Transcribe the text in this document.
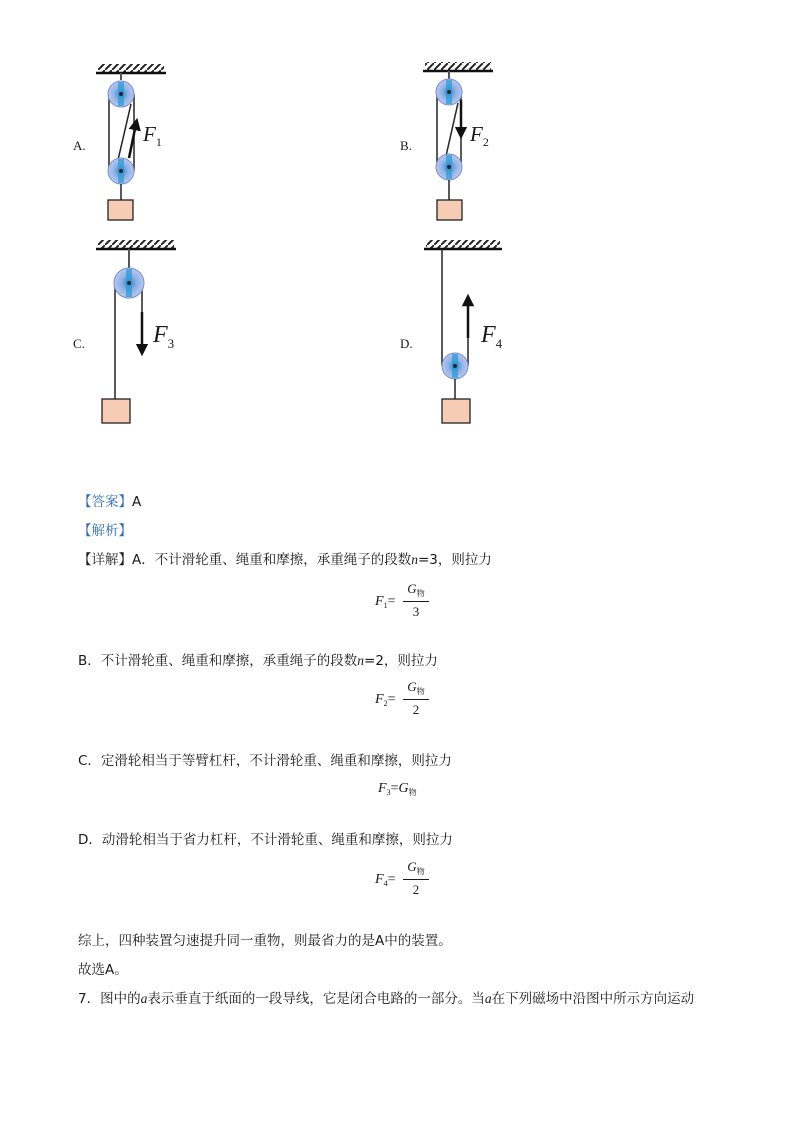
A.	B.
C.	D.
$F_1$	$F_2$
$F_3$	$F_4$
【答案】A
【解析】
【详解】A．不计滑轮重、绳重和摩擦，承重绳子的段数n=3，则拉力
$F_1=$
$G_物$
3
B．不计滑轮重、绳重和摩擦，承重绳子的段数n=2，则拉力
$F_2=$
$G_物$
2
C．定滑轮相当于等臂杠杆，不计滑轮重、绳重和摩擦，则拉力
$F_3=G_物$
D．动滑轮相当于省力杠杆，不计滑轮重、绳重和摩擦，则拉力
$F_4=$
$G_物$
2
综上，四种装置匀速提升同一重物，则最省力的是A中的装置。
故选A。
7．图中的a表示垂直于纸面的一段导线，它是闭合电路的一部分。当a在下列磁场中沿图中所示方向运动
